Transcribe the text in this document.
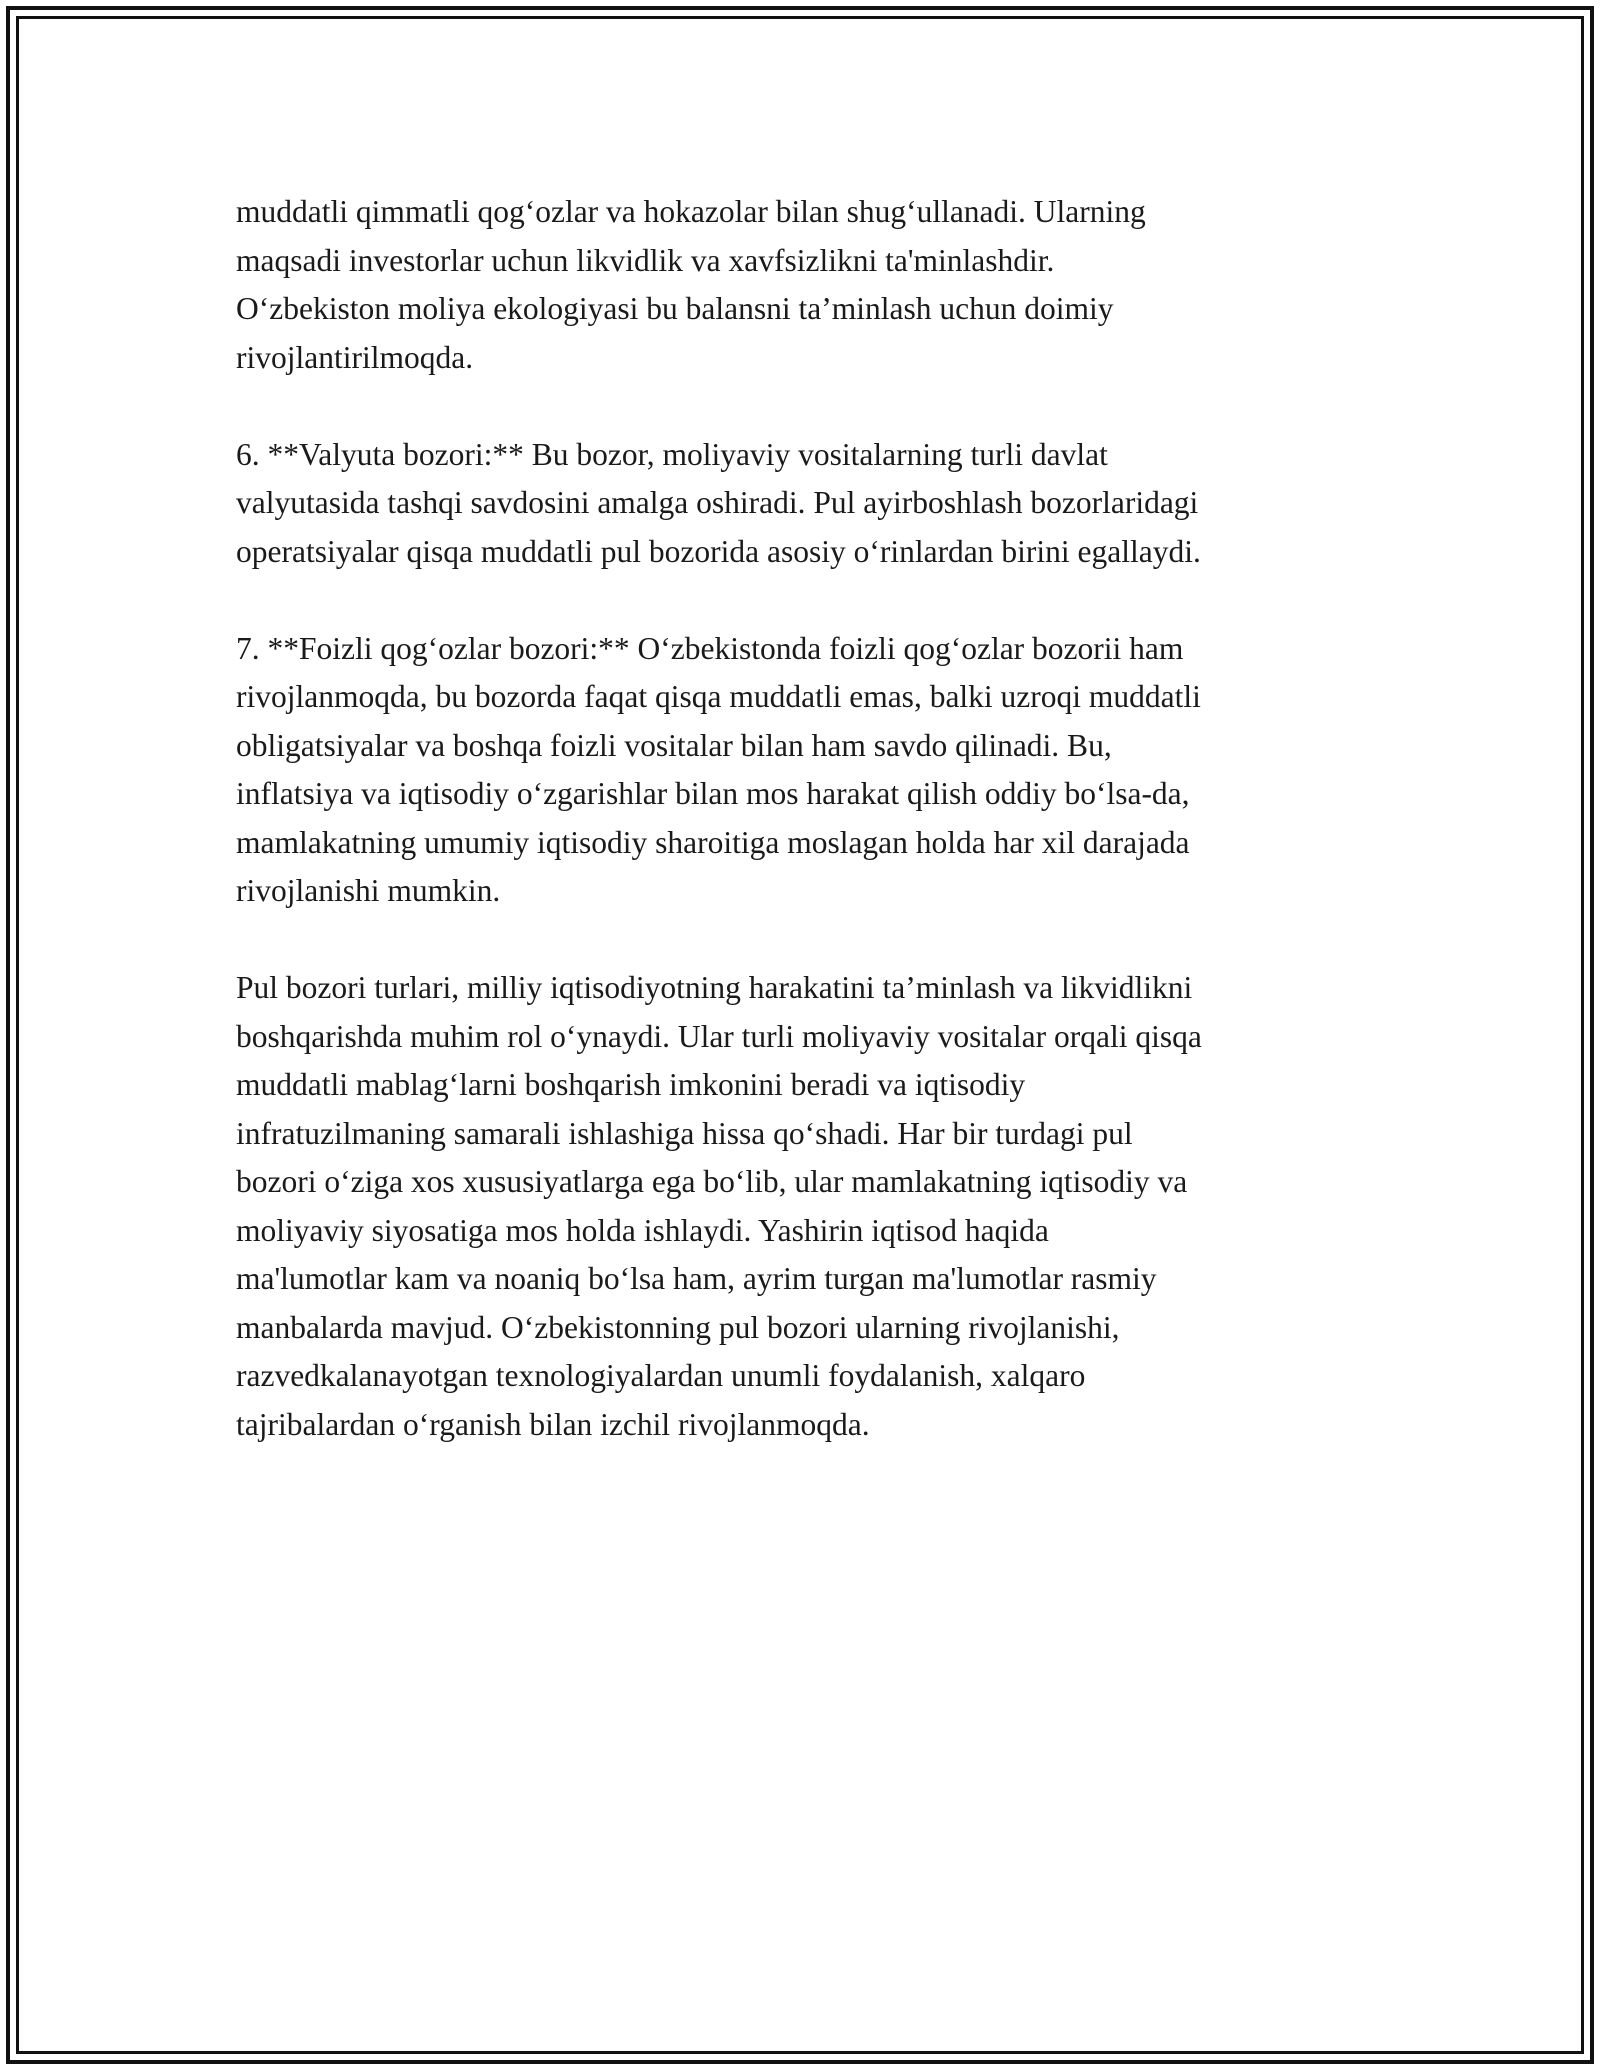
muddatli qimmatli qog‘ozlar va hokazolar bilan shug‘ullanadi. Ularning
maqsadi investorlar uchun likvidlik va xavfsizlikni ta'minlashdir.
O‘zbekiston moliya ekologiyasi bu balansni ta’minlash uchun doimiy
rivojlantirilmoqda.

6. **Valyuta bozori:** Bu bozor, moliyaviy vositalarning turli davlat
valyutasida tashqi savdosini amalga oshiradi. Pul ayirboshlash bozorlaridagi
operatsiyalar qisqa muddatli pul bozorida asosiy o‘rinlardan birini egallaydi.

7. **Foizli qog‘ozlar bozori:** O‘zbekistonda foizli qog‘ozlar bozorii ham
rivojlanmoqda, bu bozorda faqat qisqa muddatli emas, balki uzroqi muddatli
obligatsiyalar va boshqa foizli vositalar bilan ham savdo qilinadi. Bu,
inflatsiya va iqtisodiy o‘zgarishlar bilan mos harakat qilish oddiy bo‘lsa-da,
mamlakatning umumiy iqtisodiy sharoitiga moslagan holda har xil darajada
rivojlanishi mumkin.

Pul bozori turlari, milliy iqtisodiyotning harakatini ta’minlash va likvidlikni
boshqarishda muhim rol o‘ynaydi. Ular turli moliyaviy vositalar orqali qisqa
muddatli mablag‘larni boshqarish imkonini beradi va iqtisodiy
infratuzilmaning samarali ishlashiga hissa qo‘shadi. Har bir turdagi pul
bozori o‘ziga xos xususiyatlarga ega bo‘lib, ular mamlakatning iqtisodiy va
moliyaviy siyosatiga mos holda ishlaydi. Yashirin iqtisod haqida
ma'lumotlar kam va noaniq bo‘lsa ham, ayrim turgan ma'lumotlar rasmiy
manbalarda mavjud. O‘zbekistonning pul bozori ularning rivojlanishi,
razvedkalanayotgan texnologiyalardan unumli foydalanish, xalqaro
tajribalardan o‘rganish bilan izchil rivojlanmoqda.
